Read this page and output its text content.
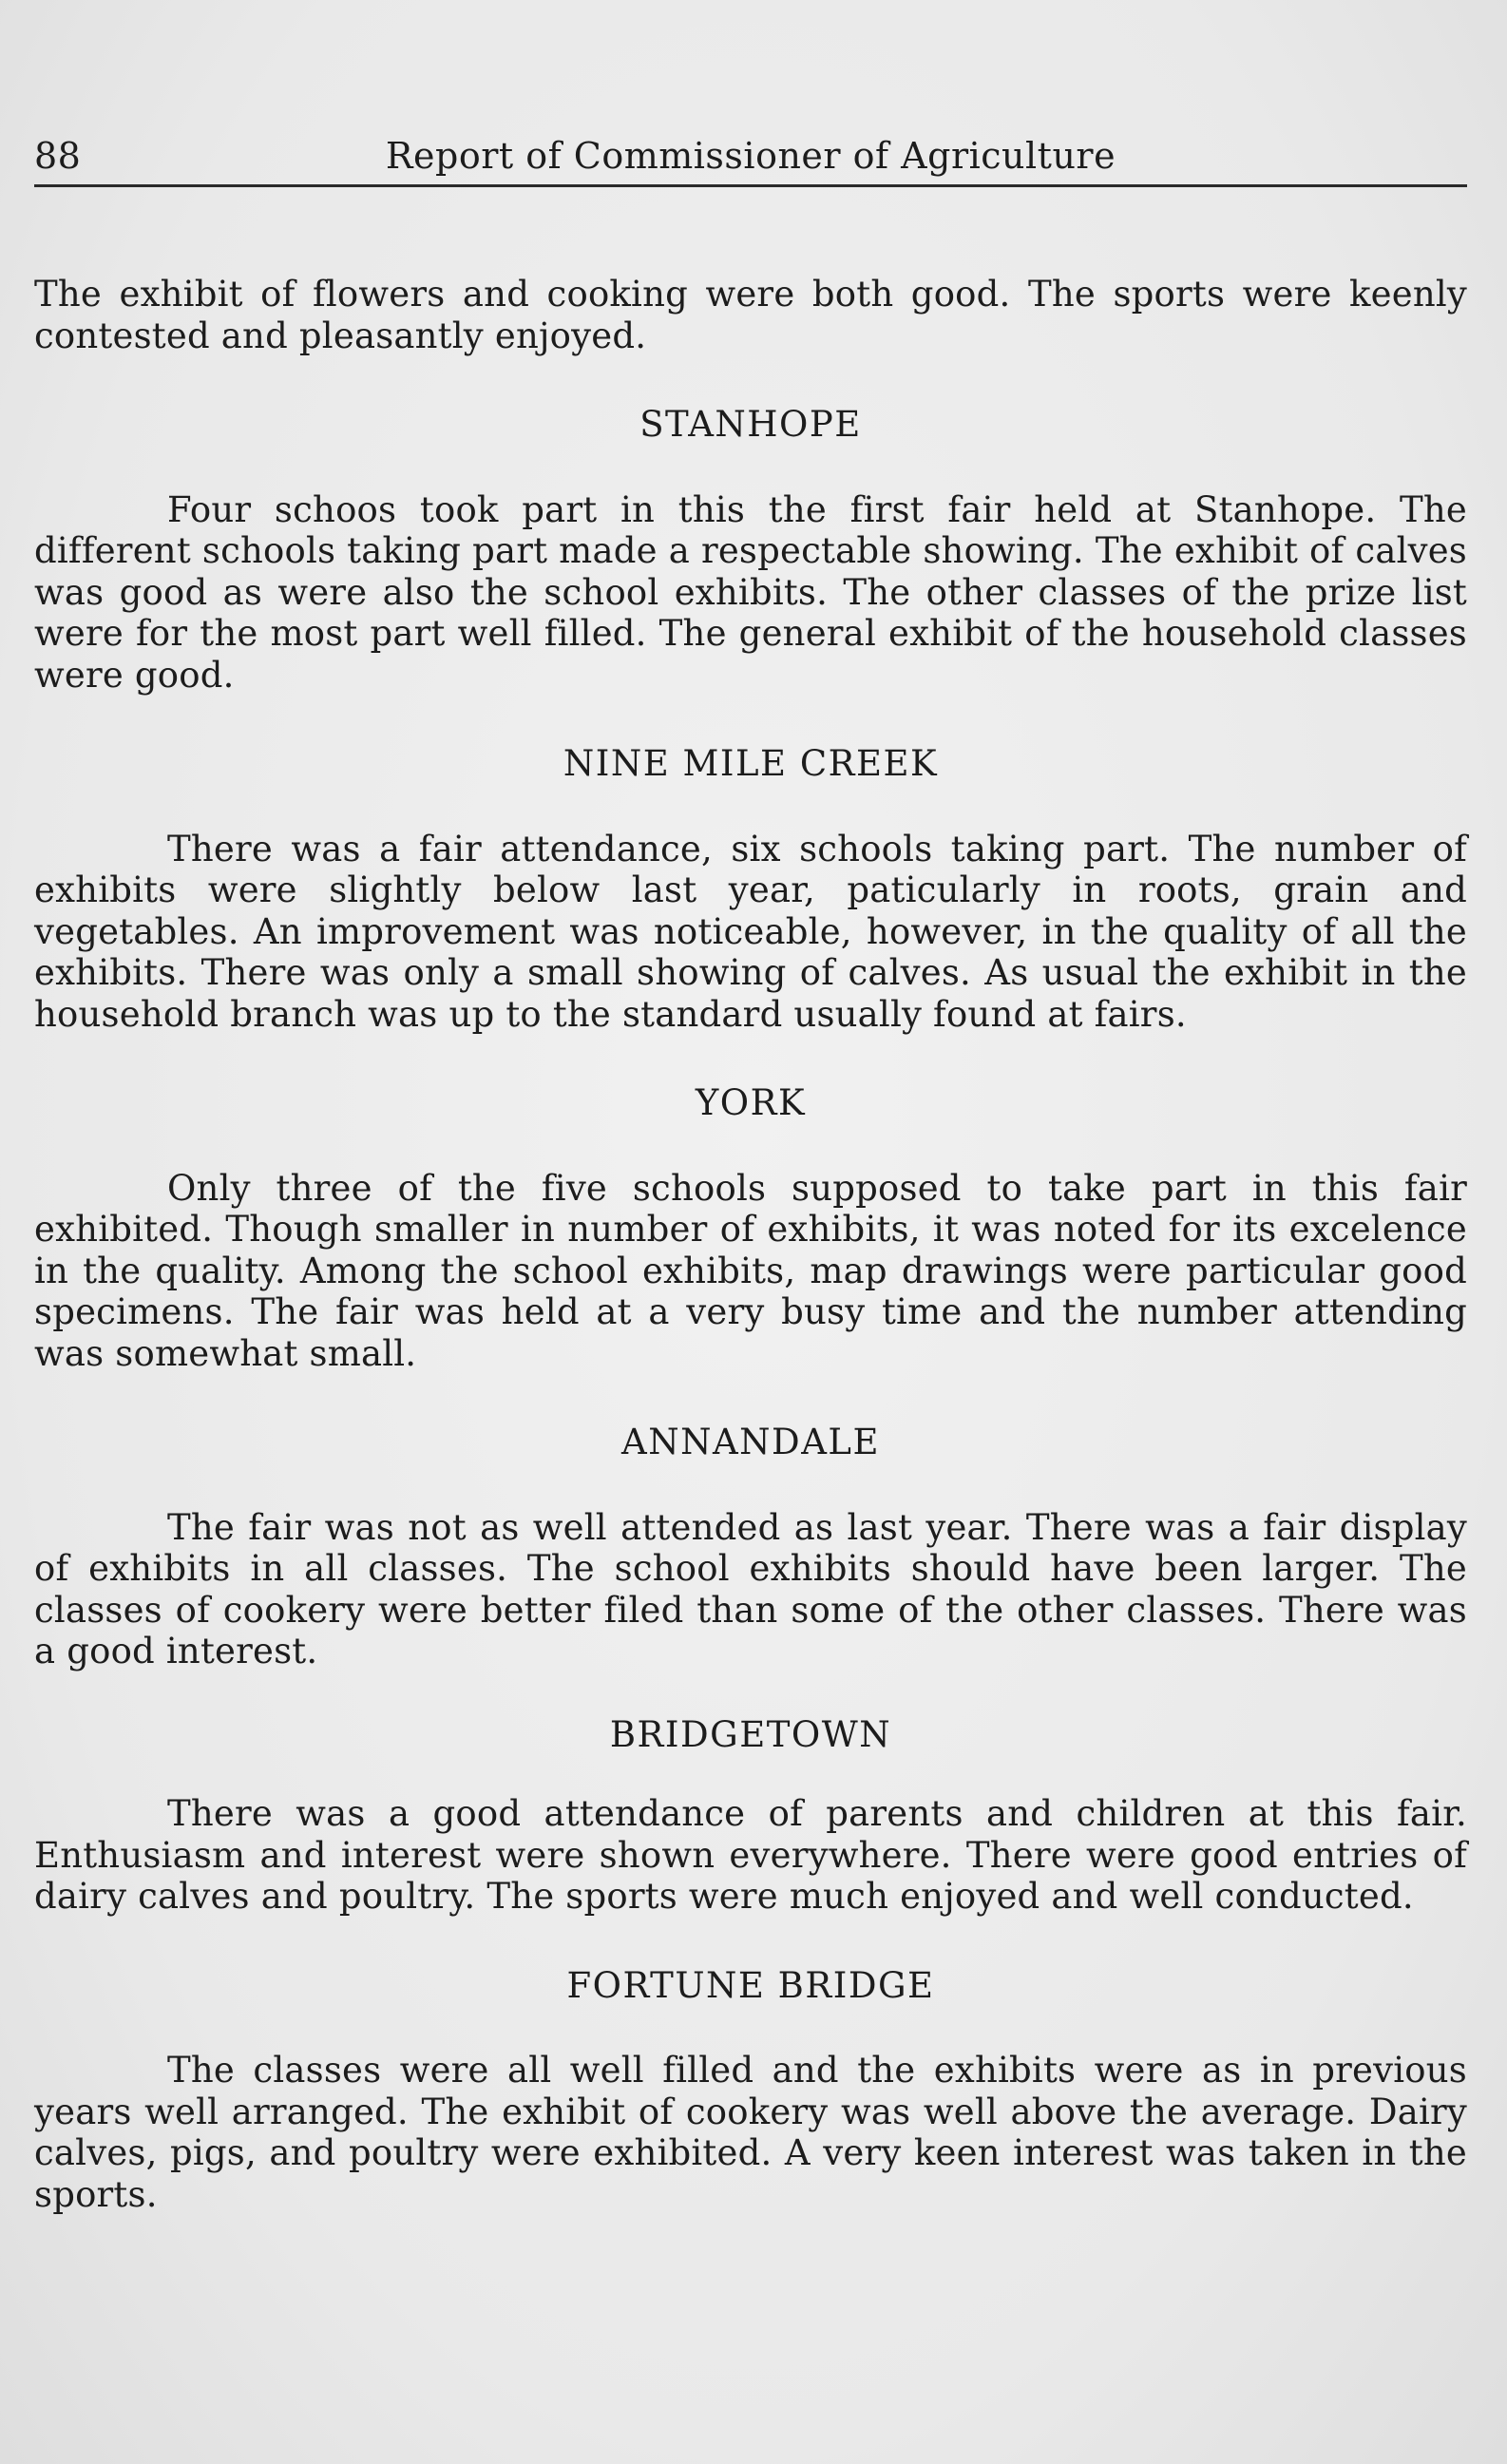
88	Report of Commissioner of Agriculture

The exhibit of flowers and cooking were both good. The sports were keenly contested and pleasantly enjoyed.

STANHOPE

Four schoos took part in this the first fair held at Stanhope. The different schools taking part made a respectable showing. The exhibit of calves was good as were also the school exhibits. The other classes of the prize list were for the most part well filled. The general exhibit of the household classes were good.

NINE MILE CREEK

There was a fair attendance, six schools taking part. The number of exhibits were slightly below last year, paticularly in roots, grain and vegetables. An improvement was noticeable, however, in the quality of all the exhibits. There was only a small showing of calves. As usual the exhibit in the household branch was up to the standard usually found at fairs.

YORK

Only three of the five schools supposed to take part in this fair exhibited. Though smaller in number of exhibits, it was noted for its excelence in the quality. Among the school exhibits, map drawings were particular good specimens. The fair was held at a very busy time and the number attending was somewhat small.

ANNANDALE

The fair was not as well attended as last year. There was a fair display of exhibits in all classes. The school exhibits should have been larger. The classes of cookery were better filed than some of the other classes. There was a good interest.

BRIDGETOWN

There was a good attendance of parents and children at this fair. Enthusiasm and interest were shown everywhere. There were good entries of dairy calves and poultry. The sports were much enjoyed and well conducted.

FORTUNE BRIDGE

The classes were all well filled and the exhibits were as in previous years well arranged. The exhibit of cookery was well above the average. Dairy calves, pigs, and poultry were exhibited. A very keen interest was taken in the sports.
